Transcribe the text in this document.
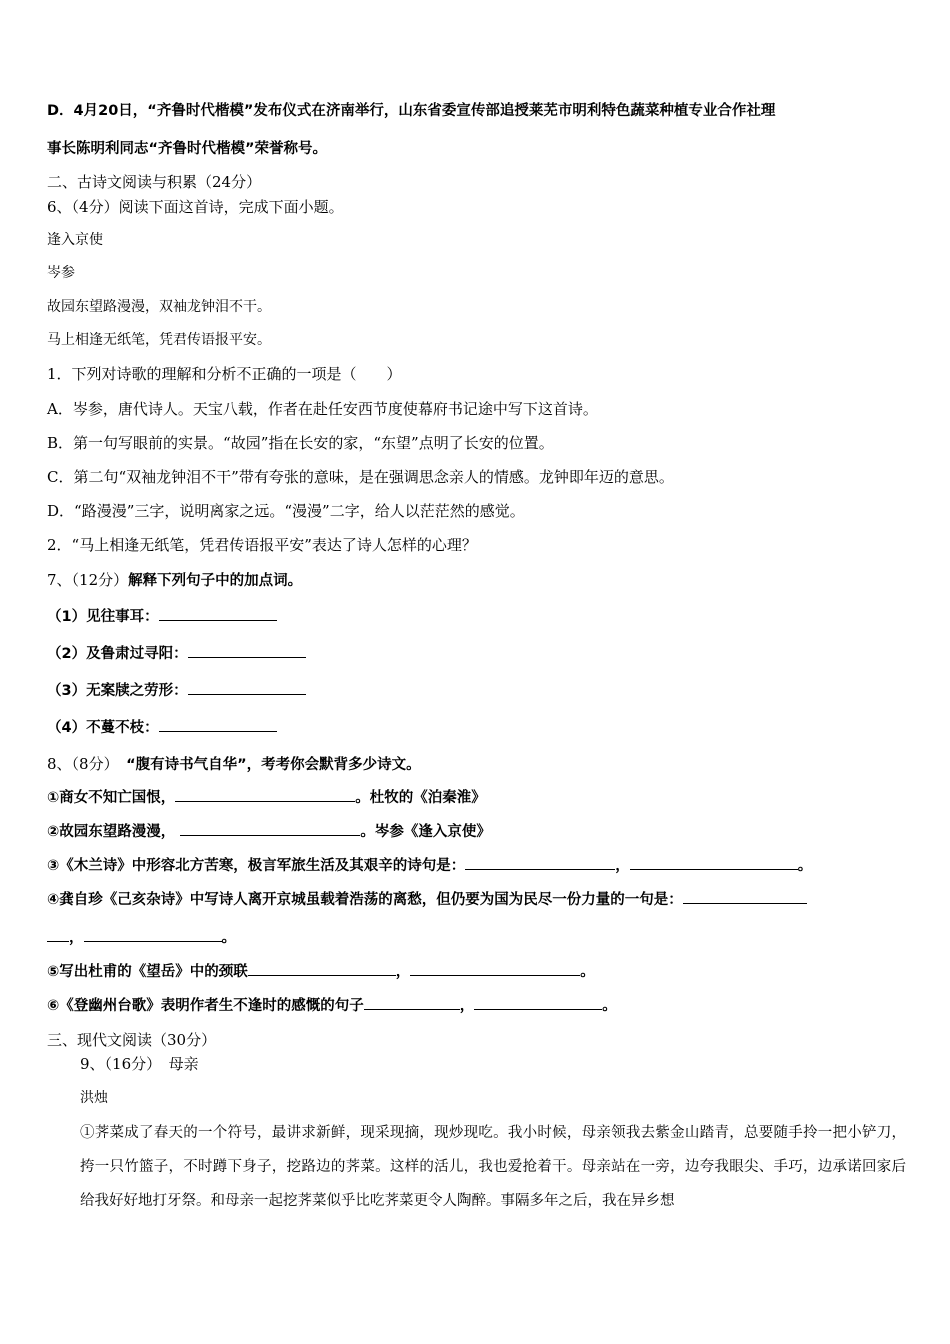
D．4月20日，“齐鲁时代楷模”发布仪式在济南举行，山东省委宣传部追授莱芜市明利特色蔬菜种植专业合作社理
事长陈明利同志“齐鲁时代楷模”荣誉称号。
二、古诗文阅读与积累（24分）
6、（4分）阅读下面这首诗，完成下面小题。
逢入京使
岑参
故园东望路漫漫，双袖龙钟泪不干。
马上相逢无纸笔，凭君传语报平安。
1．下列对诗歌的理解和分析不正确的一项是（　　）
A．岑参，唐代诗人。天宝八载，作者在赴任安西节度使幕府书记途中写下这首诗。
B．第一句写眼前的实景。“故园”指在长安的家，“东望”点明了长安的位置。
C．第二句“双袖龙钟泪不干”带有夸张的意味，是在强调思念亲人的情感。龙钟即年迈的意思。
D．“路漫漫”三字，说明离家之远。“漫漫”二字，给人以茫茫然的感觉。
2．“马上相逢无纸笔，凭君传语报平安”表达了诗人怎样的心理？
7、（12分）解释下列句子中的加点词。
（1）见往事耳：
（2）及鲁肃过寻阳：
（3）无案牍之劳形：
（4）不蔓不枝：
8、（8分）　 “腹有诗书气自华”，考考你会默背多少诗文。
①商女不知亡国恨，	。杜牧的《泊秦淮》
②故园东望路漫漫，	。岑参《逢入京使》
③《木兰诗》中形容北方苦寒，极言军旅生活及其艰辛的诗句是：	，	。
④龚自珍《己亥杂诗》中写诗人离开京城虽载着浩荡的离愁，但仍要为国为民尽一份力量的一句是：
，	。
⑤写出杜甫的《望岳》中的颈联	，	。
⑥《登幽州台歌》表明作者生不逢时的感慨的句子	，	。
三、现代文阅读（30分）
9、（16分）　母亲
洪烛
①荠菜成了春天的一个符号，最讲求新鲜，现采现摘，现炒现吃。我小时候，母亲领我去紫金山踏青，总要随手拎一把小铲刀，挎一只竹篮子，不时蹲下身子，挖路边的荠菜。这样的活儿，我也爱抢着干。母亲站在一旁，边夸我眼尖、手巧，边承诺回家后给我好好地打牙祭。和母亲一起挖荠菜似乎比吃荠菜更令人陶醉。事隔多年之后，我在异乡想
